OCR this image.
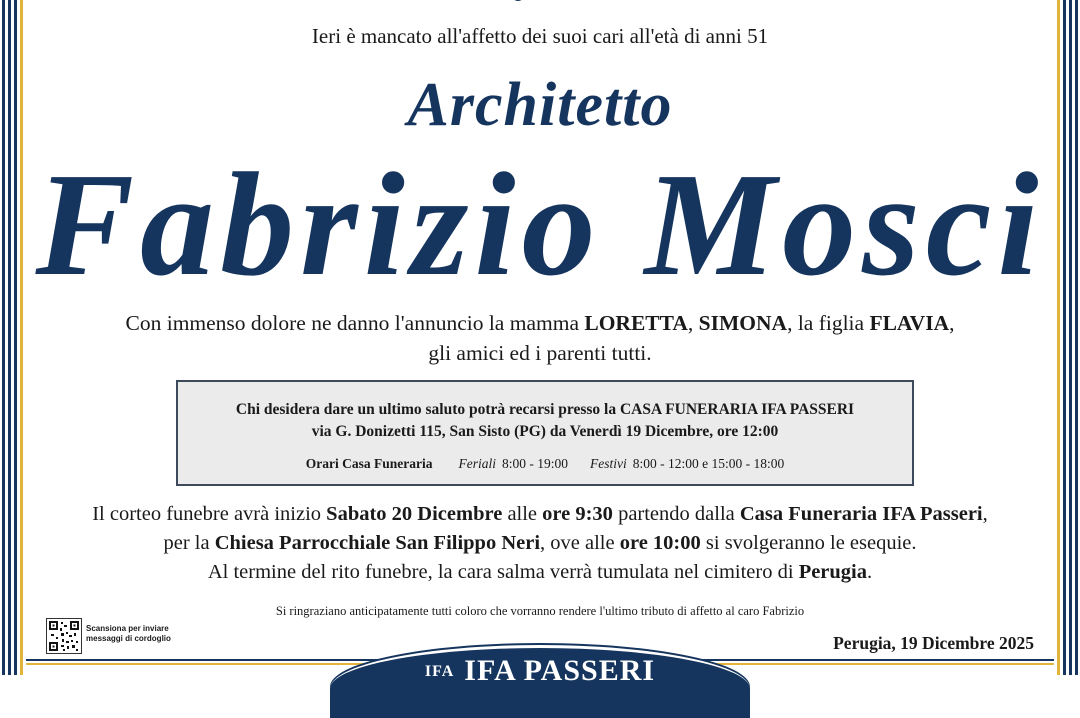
Ieri è mancato all'affetto dei suoi cari all'età di anni 51
Architetto
Fabrizio Mosci
Con immenso dolore ne danno l'annuncio la mamma LORETTA, SIMONA, la figlia FLAVIA,
gli amici ed i parenti tutti.
Chi desidera dare un ultimo saluto potrà recarsi presso la CASA FUNERARIA IFA PASSERI
via G. Donizetti 115, San Sisto (PG) da Venerdì 19 Dicembre, ore 12:00
Orari Casa Funeraria Feriali 8:00 - 19:00 Festivi 8:00 - 12:00 e 15:00 - 18:00
Il corteo funebre avrà inizio Sabato 20 Dicembre alle ore 9:30 partendo dalla Casa Funeraria IFA Passeri,
per la Chiesa Parrocchiale San Filippo Neri, ove alle ore 10:00 si svolgeranno le esequie.
Al termine del rito funebre, la cara salma verrà tumulata nel cimitero di Perugia.
Si ringraziano anticipatamente tutti coloro che vorranno rendere l'ultimo tributo di affetto al caro Fabrizio
Scansiona per inviare
messaggi di cordoglio	Perugia, 19 Dicembre 2025
IFA IFA PASSERI
